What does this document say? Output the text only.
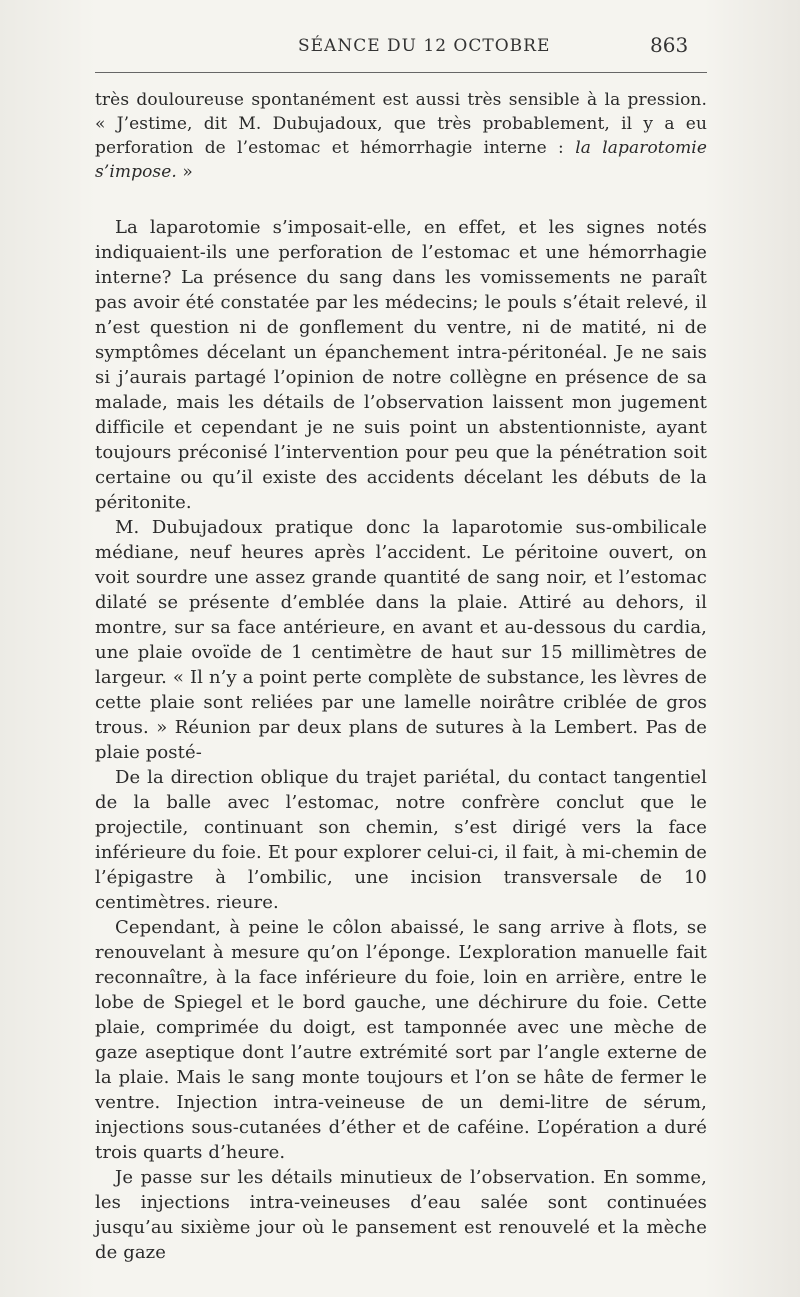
SÉANCE DU 12 OCTOBRE	863
très douloureuse spontanément est aussi très sensible à la pression. « J’estime, dit M. Dubujadoux, que très probablement, il y a eu perforation de l’estomac et hémorrhagie interne : la laparotomie s’impose. »

La laparotomie s’imposait-elle, en effet, et les signes notés indiquaient-ils une perforation de l’estomac et une hémorrhagie interne? La présence du sang dans les vomissements ne paraît pas avoir été constatée par les médecins; le pouls s’était relevé, il n’est question ni de gonflement du ventre, ni de matité, ni de symptômes décelant un épanchement intra-péritonéal. Je ne sais si j’aurais partagé l’opinion de notre collègne en présence de sa malade, mais les détails de l’observation laissent mon jugement difficile et cependant je ne suis point un abstentionniste, ayant toujours préconisé l’intervention pour peu que la pénétration soit certaine ou qu’il existe des accidents décelant les débuts de la péritonite.

M. Dubujadoux pratique donc la laparotomie sus-ombilicale médiane, neuf heures après l’accident. Le péritoine ouvert, on voit sourdre une assez grande quantité de sang noir, et l’estomac dilaté se présente d’emblée dans la plaie. Attiré au dehors, il montre, sur sa face antérieure, en avant et au-dessous du cardia, une plaie ovoïde de 1 centimètre de haut sur 15 millimètres de largeur. « Il n’y a point perte complète de substance, les lèvres de cette plaie sont reliées par une lamelle noirâtre criblée de gros trous. » Réunion par deux plans de sutures à la Lembert. Pas de plaie posté-

De la direction oblique du trajet pariétal, du contact tangentiel de la balle avec l’estomac, notre confrère conclut que le projectile, continuant son chemin, s’est dirigé vers la face inférieure du foie. Et pour explorer celui-ci, il fait, à mi-chemin de l’épigastre à l’ombilic, une incision transversale de 10 centimètres. rieure.

Cependant, à peine le côlon abaissé, le sang arrive à flots, se renouvelant à mesure qu’on l’éponge. L’exploration manuelle fait reconnaître, à la face inférieure du foie, loin en arrière, entre le lobe de Spiegel et le bord gauche, une déchirure du foie. Cette plaie, comprimée du doigt, est tamponnée avec une mèche de gaze aseptique dont l’autre extrémité sort par l’angle externe de la plaie. Mais le sang monte toujours et l’on se hâte de fermer le ventre. Injection intra-veineuse de un demi-litre de sérum, injections sous-cutanées d’éther et de caféine. L’opération a duré trois quarts d’heure.

Je passe sur les détails minutieux de l’observation. En somme, les injections intra-veineuses d’eau salée sont continuées jusqu’au sixième jour où le pansement est renouvelé et la mèche de gaze
